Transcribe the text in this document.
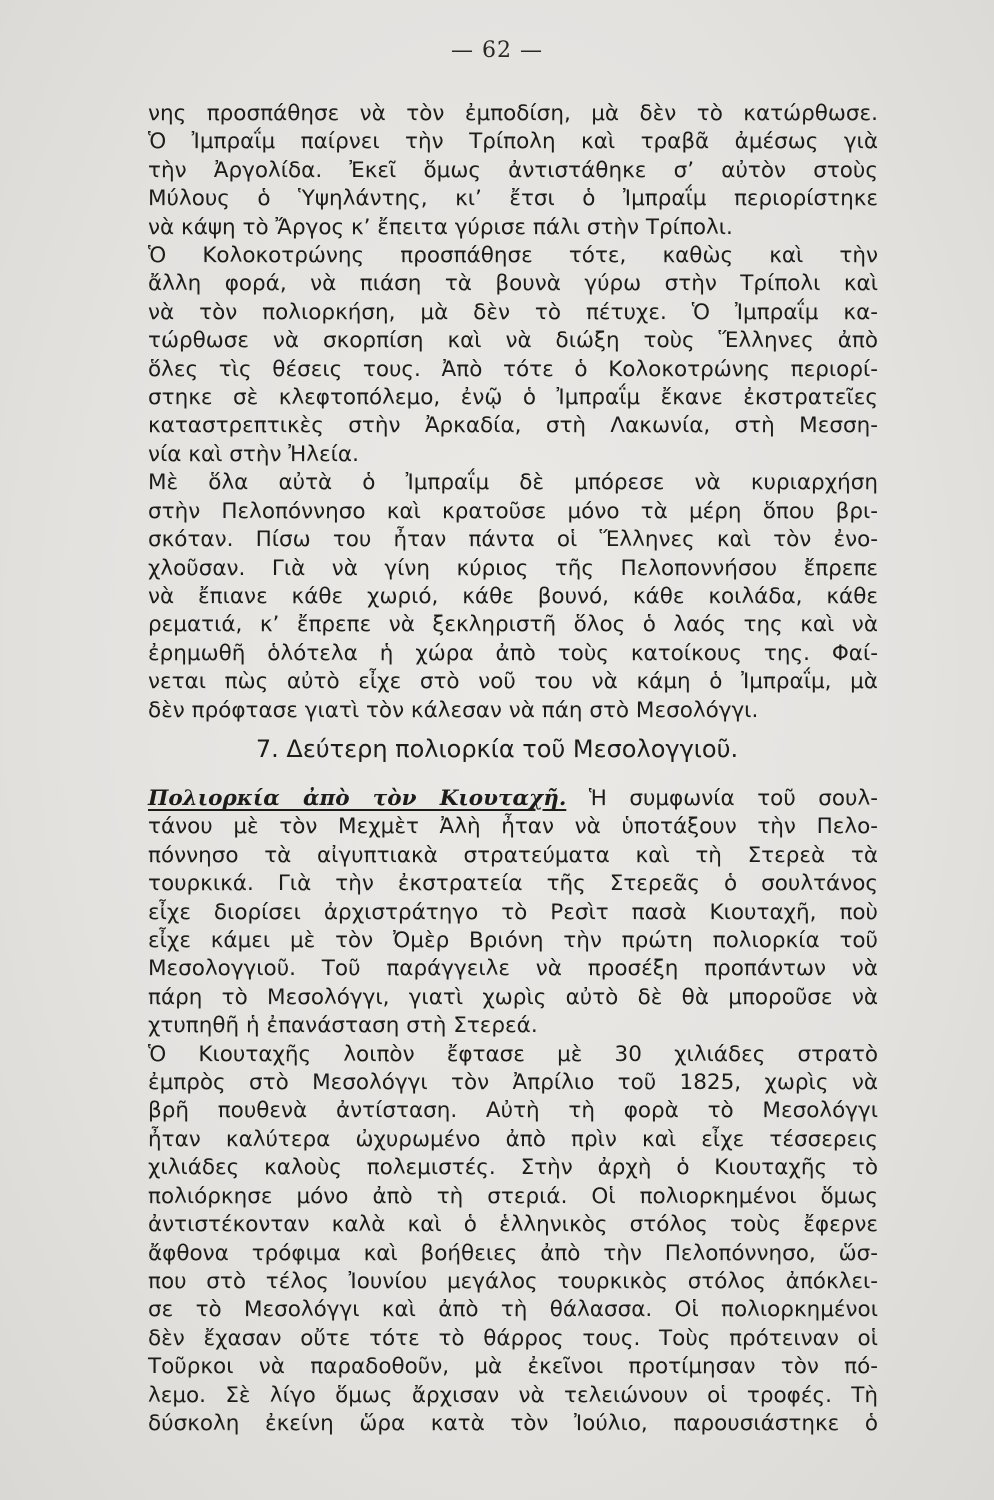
— 62 —
νης προσπάθησε νὰ τὸν ἐμποδίση, μὰ δὲν τὸ κατώρθωσε.
Ὁ Ἰμπραΐμ παίρνει τὴν Τρίπολη καὶ τραβᾶ ἀμέσως γιὰ
τὴν Ἀργολίδα. Ἐκεῖ ὅμως ἀντιστάθηκε σ’ αὐτὸν στοὺς
Μύλους ὁ Ὑψηλάντης, κι’ ἔτσι ὁ Ἰμπραΐμ περιορίστηκε
νὰ κάψη τὸ Ἄργος κ’ ἔπειτα γύρισε πάλι στὴν Τρίπολι.
Ὁ Κολοκοτρώνης προσπάθησε τότε, καθὼς καὶ τὴν
ἄλλη φορά, νὰ πιάση τὰ βουνὰ γύρω στὴν Τρίπολι καὶ
νὰ τὸν πολιορκήση, μὰ δὲν τὸ πέτυχε. Ὁ Ἰμπραΐμ κα-
τώρθωσε νὰ σκορπίση καὶ νὰ διώξη τοὺς Ἕλληνες ἀπὸ
ὅλες τὶς θέσεις τους. Ἀπὸ τότε ὁ Κολοκοτρώνης περιορί-
στηκε σὲ κλεφτοπόλεμο, ἐνῷ ὁ Ἰμπραΐμ ἔκανε ἐκστρατεῖες
καταστρεπτικὲς στὴν Ἀρκαδία, στὴ Λακωνία, στὴ Μεσση-
νία καὶ στὴν Ἠλεία.
Μὲ ὅλα αὐτὰ ὁ Ἰμπραΐμ δὲ μπόρεσε νὰ κυριαρχήση
στὴν Πελοπόννησο καὶ κρατοῦσε μόνο τὰ μέρη ὅπου βρι-
σκόταν. Πίσω του ἦταν πάντα οἱ Ἕλληνες καὶ τὸν ἐνο-
χλοῦσαν. Γιὰ νὰ γίνη κύριος τῆς Πελοποννήσου ἔπρεπε
νὰ ἔπιανε κάθε χωριό, κάθε βουνό, κάθε κοιλάδα, κάθε
ρεματιά, κ’ ἔπρεπε νὰ ξεκληριστῆ ὅλος ὁ λαός της καὶ νὰ
ἐρημωθῆ ὁλότελα ἡ χώρα ἀπὸ τοὺς κατοίκους της. Φαί-
νεται πὼς αὐτὸ εἶχε στὸ νοῦ του νὰ κάμη ὁ Ἰμπραΐμ, μὰ
δὲν πρόφτασε γιατὶ τὸν κάλεσαν νὰ πάη στὸ Μεσολόγγι.
7. Δεύτερη πολιορκία τοῦ Μεσολογγιοῦ.
Πολιορκία ἀπὸ τὸν Κιουταχῆ. Ἡ συμφωνία τοῦ σουλ-
τάνου μὲ τὸν Μεχμὲτ Ἀλὴ ἦταν νὰ ὑποτάξουν τὴν Πελο-
πόννησο τὰ αἰγυπτιακὰ στρατεύματα καὶ τὴ Στερεὰ τὰ
τουρκικά. Γιὰ τὴν ἐκστρατεία τῆς Στερεᾶς ὁ σουλτάνος
εἶχε διορίσει ἀρχιστράτηγο τὸ Ρεσὶτ πασὰ Κιουταχῆ, ποὺ
εἶχε κάμει μὲ τὸν Ὀμὲρ Βριόνη τὴν πρώτη πολιορκία τοῦ
Μεσολογγιοῦ. Τοῦ παράγγειλε νὰ προσέξη προπάντων νὰ
πάρη τὸ Μεσολόγγι, γιατὶ χωρὶς αὐτὸ δὲ θὰ μποροῦσε νὰ
χτυπηθῆ ἡ ἐπανάσταση στὴ Στερεά.
Ὁ Κιουταχῆς λοιπὸν ἔφτασε μὲ 30 χιλιάδες στρατὸ
ἐμπρὸς στὸ Μεσολόγγι τὸν Ἀπρίλιο τοῦ 1825, χωρὶς νὰ
βρῆ πουθενὰ ἀντίσταση. Αὐτὴ τὴ φορὰ τὸ Μεσολόγγι
ἦταν καλύτερα ὠχυρωμένο ἀπὸ πρὶν καὶ εἶχε τέσσερεις
χιλιάδες καλοὺς πολεμιστές. Στὴν ἀρχὴ ὁ Κιουταχῆς τὸ
πολιόρκησε μόνο ἀπὸ τὴ στεριά. Οἱ πολιορκημένοι ὅμως
ἀντιστέκονταν καλὰ καὶ ὁ ἑλληνικὸς στόλος τοὺς ἔφερνε
ἄφθονα τρόφιμα καὶ βοήθειες ἀπὸ τὴν Πελοπόννησο, ὥσ-
που στὸ τέλος Ἰουνίου μεγάλος τουρκικὸς στόλος ἀπόκλει-
σε τὸ Μεσολόγγι καὶ ἀπὸ τὴ θάλασσα. Οἱ πολιορκημένοι
δὲν ἔχασαν οὔτε τότε τὸ θάρρος τους. Τοὺς πρότειναν οἱ
Τοῦρκοι νὰ παραδοθοῦν, μὰ ἐκεῖνοι προτίμησαν τὸν πό-
λεμο. Σὲ λίγο ὅμως ἄρχισαν νὰ τελειώνουν οἱ τροφές. Τὴ
δύσκολη ἐκείνη ὥρα κατὰ τὸν Ἰούλιο, παρουσιάστηκε ὁ
